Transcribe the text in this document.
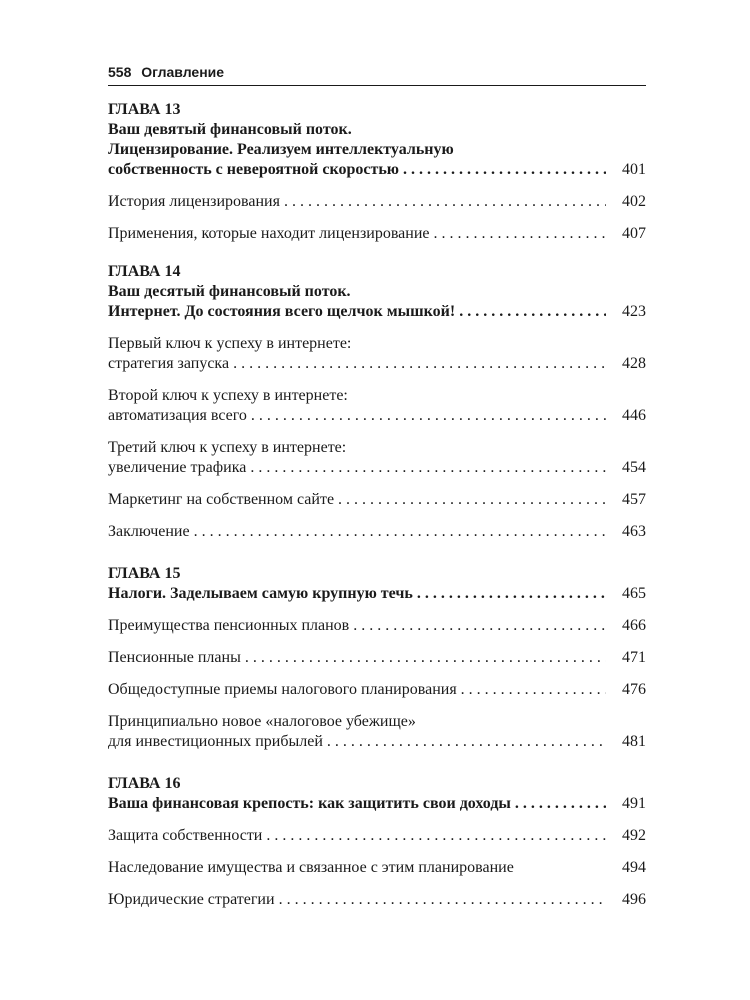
558 Оглавление
ГЛАВА 13
Ваш девятый финансовый поток.
Лицензирование. Реализуем интеллектуальную
собственность с невероятной скоростью . . .	401
История лицензирования . . .	402
Применения, которые находит лицензирование . . .	407
ГЛАВА 14
Ваш десятый финансовый поток.
Интернет. До состояния всего щелчок мышкой! . . .	423
Первый ключ к успеху в интернете:
стратегия запуска . . .	428
Второй ключ к успеху в интернете:
автоматизация всего . . .	446
Третий ключ к успеху в интернете:
увеличение трафика . . .	454
Маркетинг на собственном сайте . . .	457
Заключение . . .	463
ГЛАВА 15
Налоги. Заделываем самую крупную течь . . .	465
Преимущества пенсионных планов . . .	466
Пенсионные планы . . .	471
Общедоступные приемы налогового планирования . . .	476
Принципиально новое «налоговое убежище»
для инвестиционных прибылей . . .	481
ГЛАВА 16
Ваша финансовая крепость: как защитить свои доходы . . .	491
Защита собственности . . .	492
Наследование имущества и связанное с этим планирование	494
Юридические стратегии . . .	496
